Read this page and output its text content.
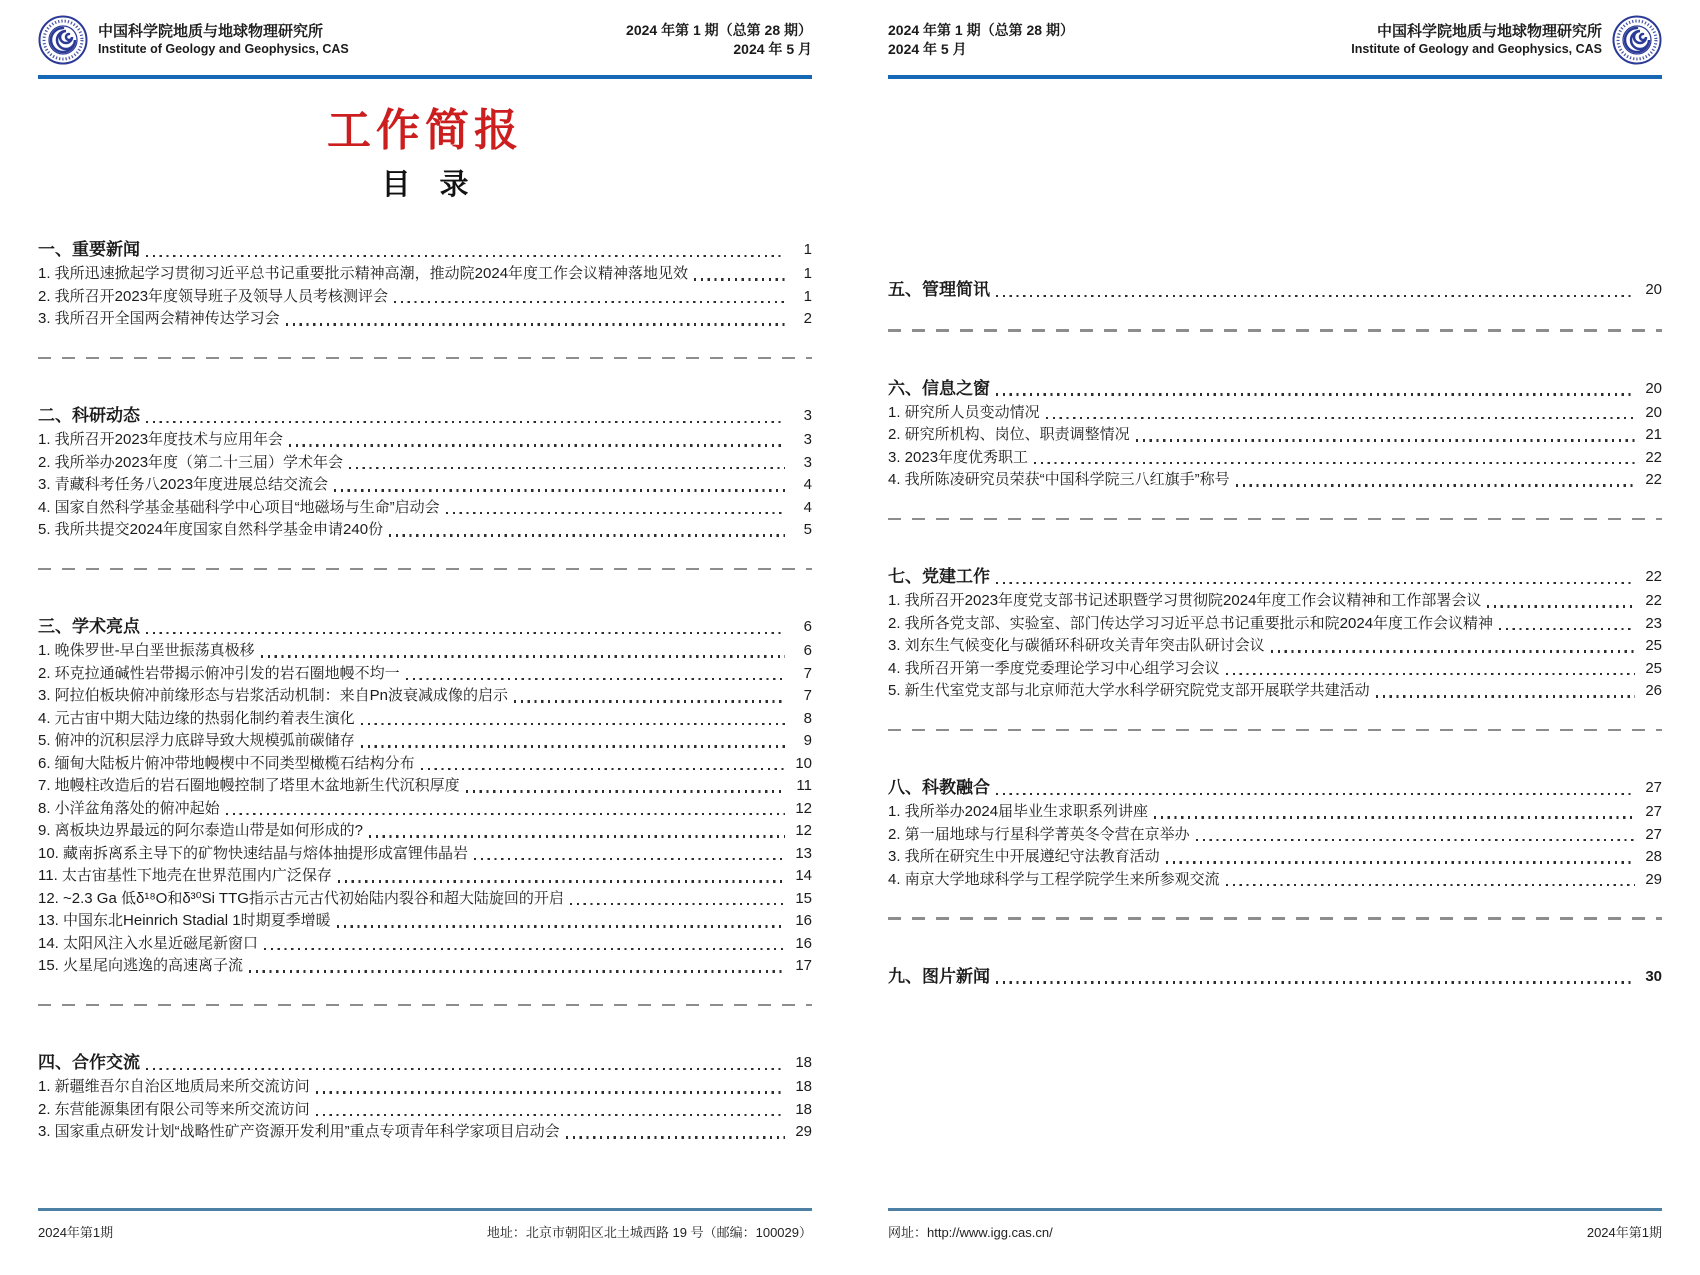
中国科学院地质与地球物理研究所
Institute of Geology and Geophysics, CAS
2024 年第 1 期（总第 28 期）
2024 年 5 月
工作简报
目　录
一、重要新闻	1
1. 我所迅速掀起学习贯彻习近平总书记重要批示精神高潮，推动院2024年度工作会议精神落地见效	1
2. 我所召开2023年度领导班子及领导人员考核测评会	1
3. 我所召开全国两会精神传达学习会	2
二、科研动态	3
1. 我所召开2023年度技术与应用年会	3
2. 我所举办2023年度（第二十三届）学术年会	3
3. 青藏科考任务八2023年度进展总结交流会	4
4. 国家自然科学基金基础科学中心项目“地磁场与生命”启动会	4
5. 我所共提交2024年度国家自然科学基金申请240份	5
三、学术亮点	6
1. 晚侏罗世-早白垩世振荡真极移	6
2. 环克拉通碱性岩带揭示俯冲引发的岩石圈地幔不均一	7
3. 阿拉伯板块俯冲前缘形态与岩浆活动机制：来自Pn波衰减成像的启示	7
4. 元古宙中期大陆边缘的热弱化制约着表生演化	8
5. 俯冲的沉积层浮力底辟导致大规模弧前碳储存	9
6. 缅甸大陆板片俯冲带地幔楔中不同类型橄榄石结构分布	10
7. 地幔柱改造后的岩石圈地幔控制了塔里木盆地新生代沉积厚度	11
8. 小洋盆角落处的俯冲起始	12
9. 离板块边界最远的阿尔泰造山带是如何形成的?	12
10. 藏南拆离系主导下的矿物快速结晶与熔体抽提形成富锂伟晶岩	13
11. 太古宙基性下地壳在世界范围内广泛保存	14
12. ~2.3 Ga 低δ¹⁸O和δ³⁰Si TTG指示古元古代初始陆内裂谷和超大陆旋回的开启	15
13. 中国东北Heinrich Stadial 1时期夏季增暖	16
14. 太阳风注入水星近磁尾新窗口	16
15. 火星尾向逃逸的高速离子流	17
四、合作交流	18
1. 新疆维吾尔自治区地质局来所交流访问	18
2. 东营能源集团有限公司等来所交流访问	18
3. 国家重点研发计划“战略性矿产资源开发利用”重点专项青年科学家项目启动会	29
2024年第1期	地址：北京市朝阳区北土城西路 19 号（邮编：100029）
2024 年第 1 期（总第 28 期）
2024 年 5 月
中国科学院地质与地球物理研究所
Institute of Geology and Geophysics, CAS
五、管理简讯	20
六、信息之窗	20
1. 研究所人员变动情况	20
2. 研究所机构、岗位、职责调整情况	21
3. 2023年度优秀职工	22
4. 我所陈凌研究员荣获“中国科学院三八红旗手”称号	22
七、党建工作	22
1. 我所召开2023年度党支部书记述职暨学习贯彻院2024年度工作会议精神和工作部署会议	22
2. 我所各党支部、实验室、部门传达学习习近平总书记重要批示和院2024年度工作会议精神	23
3. 刘东生气候变化与碳循环科研攻关青年突击队研讨会议	25
4. 我所召开第一季度党委理论学习中心组学习会议	25
5. 新生代室党支部与北京师范大学水科学研究院党支部开展联学共建活动	26
八、科教融合	27
1. 我所举办2024届毕业生求职系列讲座	27
2. 第一届地球与行星科学菁英冬令营在京举办	27
3. 我所在研究生中开展遵纪守法教育活动	28
4. 南京大学地球科学与工程学院学生来所参观交流	29
九、图片新闻	30
网址：http://www.igg.cas.cn/	2024年第1期
